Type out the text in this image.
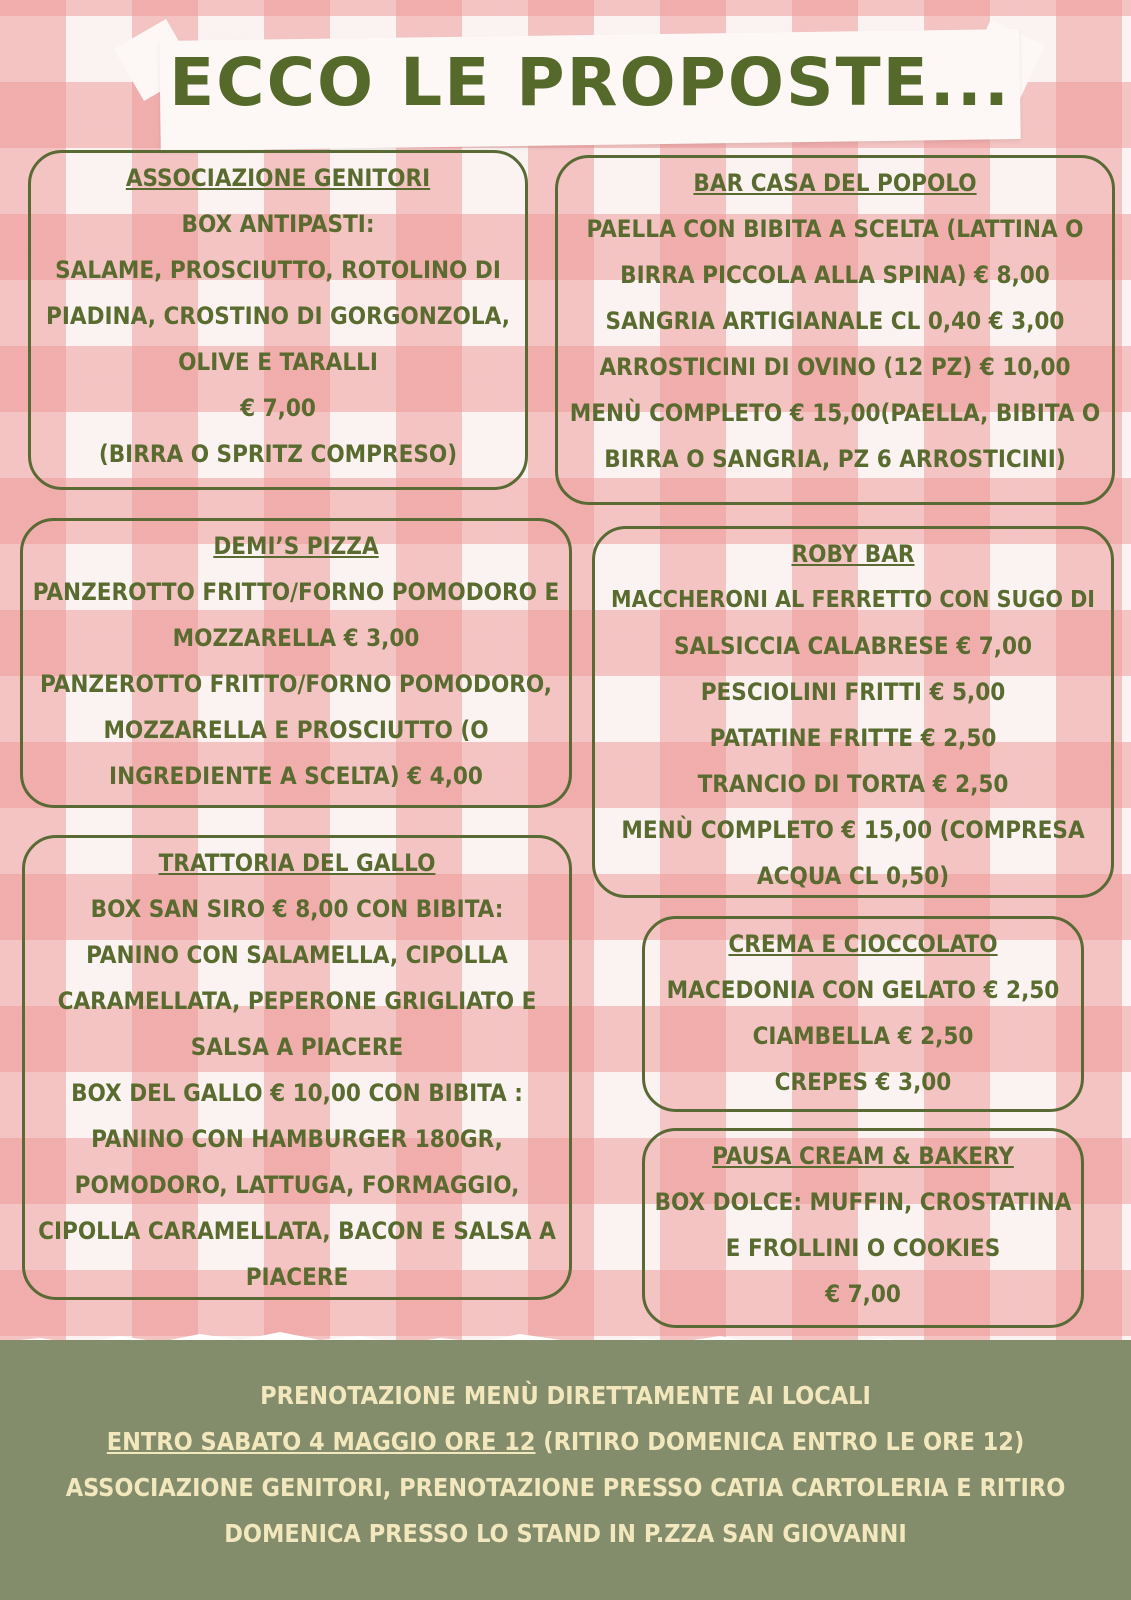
ECCO LE PROPOSTE...
ASSOCIAZIONE GENITORI
BOX ANTIPASTI:
SALAME, PROSCIUTTO, ROTOLINO DI
PIADINA, CROSTINO DI GORGONZOLA,
OLIVE E TARALLI
€ 7,00
(BIRRA O SPRITZ COMPRESO)
BAR CASA DEL POPOLO
PAELLA CON BIBITA A SCELTA (LATTINA O
BIRRA PICCOLA ALLA SPINA) € 8,00
SANGRIA ARTIGIANALE CL 0,40 € 3,00
ARROSTICINI DI OVINO (12 PZ) € 10,00
MENÙ COMPLETO € 15,00(PAELLA, BIBITA O
BIRRA O SANGRIA, PZ 6 ARROSTICINI)
DEMI’S PIZZA
PANZEROTTO FRITTO/FORNO POMODORO E
MOZZARELLA € 3,00
PANZEROTTO FRITTO/FORNO POMODORO,
MOZZARELLA E PROSCIUTTO (O
INGREDIENTE A SCELTA) € 4,00
ROBY BAR
MACCHERONI AL FERRETTO CON SUGO DI
SALSICCIA CALABRESE € 7,00
PESCIOLINI FRITTI € 5,00
PATATINE FRITTE € 2,50
TRANCIO DI TORTA € 2,50
MENÙ COMPLETO € 15,00 (COMPRESA
ACQUA CL 0,50)
TRATTORIA DEL GALLO
BOX SAN SIRO € 8,00 CON BIBITA:
PANINO CON SALAMELLA, CIPOLLA
CARAMELLATA, PEPERONE GRIGLIATO E
SALSA A PIACERE
BOX DEL GALLO € 10,00 CON BIBITA :
PANINO CON HAMBURGER 180GR,
POMODORO, LATTUGA, FORMAGGIO,
CIPOLLA CARAMELLATA, BACON E SALSA A
PIACERE
CREMA E CIOCCOLATO
MACEDONIA CON GELATO € 2,50
CIAMBELLA € 2,50
CREPES € 3,00
PAUSA CREAM & BAKERY
BOX DOLCE: MUFFIN, CROSTATINA
E FROLLINI O COOKIES
€ 7,00
PRENOTAZIONE MENÙ DIRETTAMENTE AI LOCALI
ENTRO SABATO 4 MAGGIO ORE 12 (RITIRO DOMENICA ENTRO LE ORE 12)
ASSOCIAZIONE GENITORI, PRENOTAZIONE PRESSO CATIA CARTOLERIA E RITIRO
DOMENICA PRESSO LO STAND IN P.ZZA SAN GIOVANNI
